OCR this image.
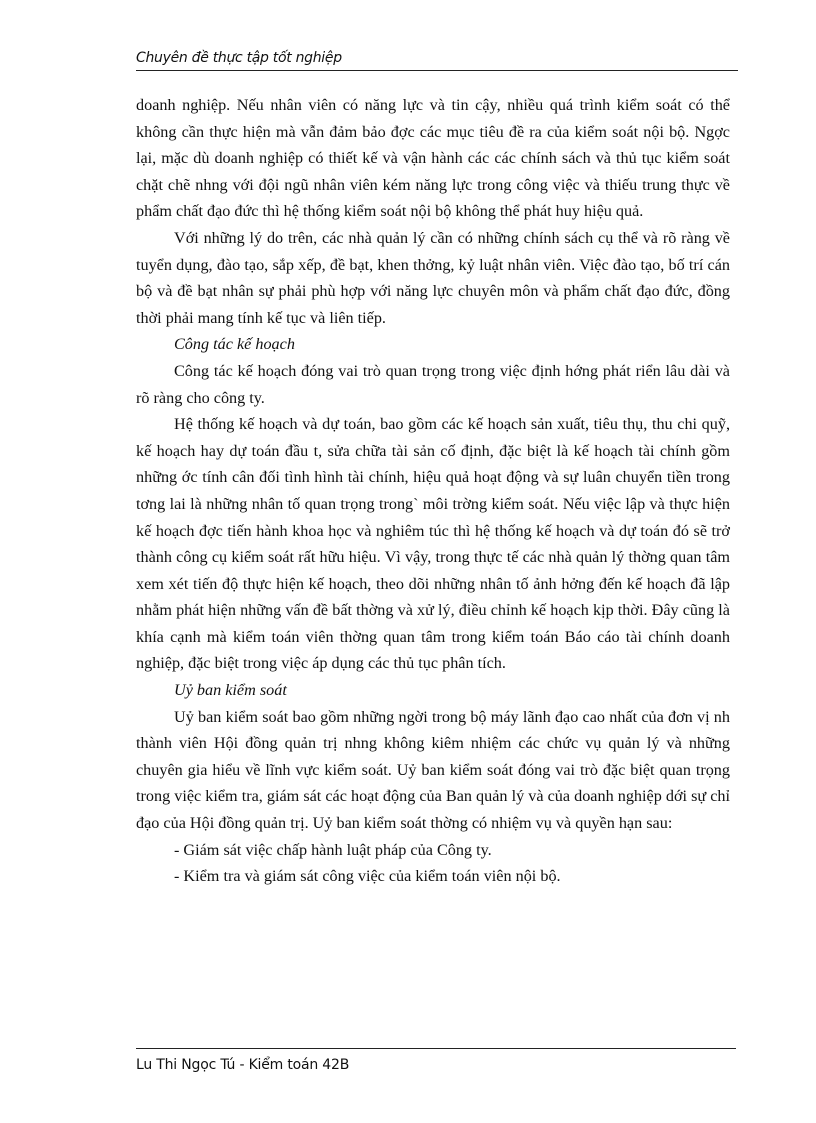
Chuyên đề thực tập tốt nghiệp

doanh nghiệp. Nếu nhân viên có năng lực và tin cậy, nhiều quá trình kiểm soát có thể không cần thực hiện mà vẫn đảm bảo đợc các mục tiêu đề ra của kiểm soát nội bộ. Ngợc lại, mặc dù doanh nghiệp có thiết kế và vận hành các các chính sách và thủ tục kiểm soát chặt chẽ nhng với đội ngũ nhân viên kém năng lực trong công việc và thiếu trung thực về phẩm chất đạo đức thì hệ thống kiểm soát nội bộ không thể phát huy hiệu quả.

Với những lý do trên, các nhà quản lý cần có những chính sách cụ thể và rõ ràng về tuyển dụng, đào tạo, sắp xếp, đề bạt, khen thởng, kỷ luật nhân viên. Việc đào tạo, bố trí cán bộ và đề bạt nhân sự phải phù hợp với năng lực chuyên môn và phẩm chất đạo đức, đồng thời phải mang tính kế tục và liên tiếp.

Công tác kế hoạch

Công tác kế hoạch đóng vai trò quan trọng trong việc định hớng phát riển lâu dài và rõ ràng cho công ty.

Hệ thống kế hoạch và dự toán, bao gồm các kế hoạch sản xuất, tiêu thụ, thu chi quỹ, kế hoạch hay dự toán đầu t, sửa chữa tài sản cố định, đặc biệt là kế hoạch tài chính gồm những ớc tính cân đối tình hình tài chính, hiệu quả hoạt động và sự luân chuyển tiền trong tơng lai là những nhân tố quan trọng trong` môi trờng kiểm soát. Nếu việc lập và thực hiện kế hoạch đợc tiến hành khoa học và nghiêm túc thì hệ thống kế hoạch và dự toán đó sẽ trở thành công cụ kiểm soát rất hữu hiệu. Vì vậy, trong thực tế các nhà quản lý thờng quan tâm xem xét tiến độ thực hiện kế hoạch, theo dõi những nhân tố ảnh hởng đến kế hoạch đã lập nhằm phát hiện những vấn đề bất thờng và xử lý, điều chỉnh kế hoạch kịp thời. Đây cũng là khía cạnh mà kiểm toán viên thờng quan tâm trong kiểm toán Báo cáo tài chính doanh nghiệp, đặc biệt trong việc áp dụng các thủ tục phân tích.

Uỷ ban kiểm soát

Uỷ ban kiểm soát bao gồm những ngời trong bộ máy lãnh đạo cao nhất của đơn vị nh thành viên Hội đồng quản trị nhng không kiêm nhiệm các chức vụ quản lý và những chuyên gia hiểu về lĩnh vực kiểm soát. Uỷ ban kiểm soát đóng vai trò đặc biệt quan trọng trong việc kiểm tra, giám sát các hoạt động của Ban quản lý và của doanh nghiệp dới sự chỉ đạo của Hội đồng quản trị. Uỷ ban kiểm soát thờng có nhiệm vụ và quyền hạn sau:

- Giám sát việc chấp hành luật pháp của Công ty.

- Kiểm tra và giám sát công việc của kiểm toán viên nội bộ.

Lu Thi Ngọc Tú - Kiểm toán 42B
